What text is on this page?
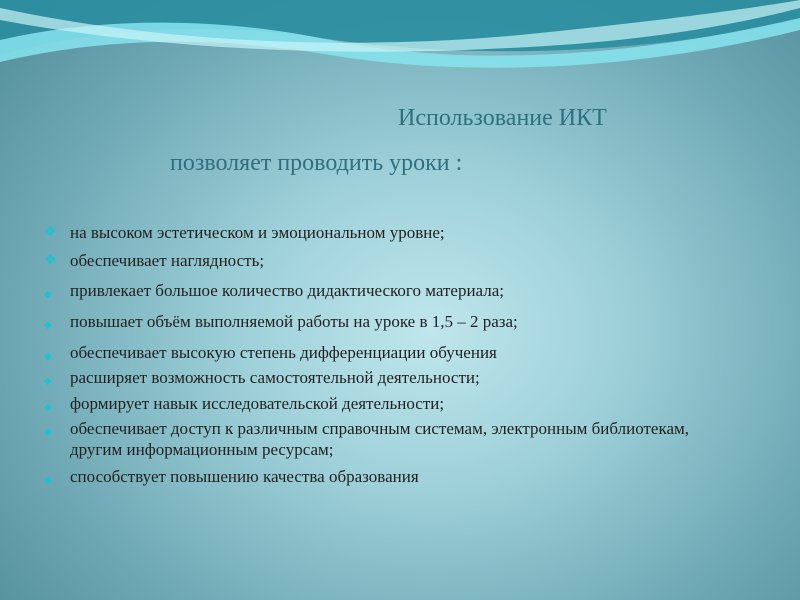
Использование ИКТ
позволяет проводить уроки :
❖ на высоком эстетическом и эмоциональном уровне;
❖ обеспечивает наглядность;
◆ привлекает большое количество дидактического материала;
◆ повышает объём выполняемой работы на уроке в 1,5 – 2 раза;
◆ обеспечивает высокую степень дифференциации обучения
◆ расширяет возможность самостоятельной деятельности;
◆ формирует навык исследовательской деятельности;
◆ обеспечивает доступ к различным справочным системам, электронным библиотекам, другим информационным ресурсам;
◆ способствует повышению качества образования
